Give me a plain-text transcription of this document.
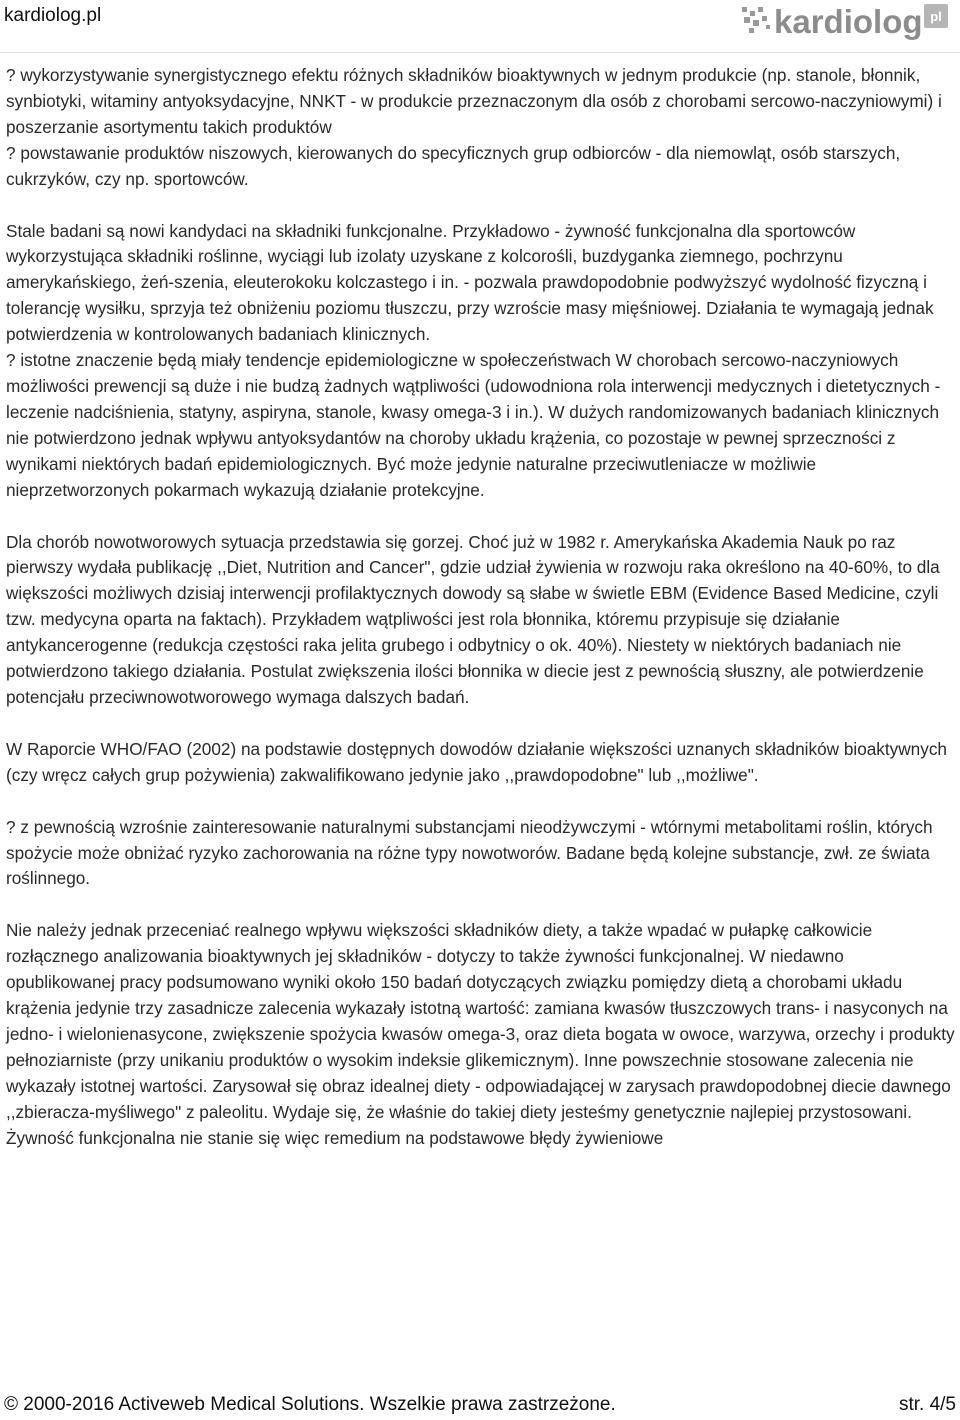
kardiolog.pl	kardiolog pl

? wykorzystywanie synergistycznego efektu różnych składników bioaktywnych w jednym produkcie (np. stanole, błonnik, synbiotyki, witaminy antyoksydacyjne, NNKT - w produkcie przeznaczonym dla osób z chorobami sercowo-naczyniowymi) i poszerzanie asortymentu takich produktów

? powstawanie produktów niszowych, kierowanych do specyficznych grup odbiorców - dla niemowląt, osób starszych, cukrzyków, czy np. sportowców.

Stale badani są nowi kandydaci na składniki funkcjonalne. Przykładowo - żywność funkcjonalna dla sportowców wykorzystująca składniki roślinne, wyciągi lub izolaty uzyskane z kolcorośli, buzdyganka ziemnego, pochrzynu amerykańskiego, żeń-szenia, eleuterokoku kolczastego i in. - pozwala prawdopodobnie podwyższyć wydolność fizyczną i tolerancję wysiłku, sprzyja też obniżeniu poziomu tłuszczu, przy wzroście masy mięśniowej. Działania te wymagają jednak potwierdzenia w kontrolowanych badaniach klinicznych.

? istotne znaczenie będą miały tendencje epidemiologiczne w społeczeństwach W chorobach sercowo-naczyniowych możliwości prewencji są duże i nie budzą żadnych wątpliwości (udowodniona rola interwencji medycznych i dietetycznych - leczenie nadciśnienia, statyny, aspiryna, stanole, kwasy omega-3 i in.). W dużych randomizowanych badaniach klinicznych nie potwierdzono jednak wpływu antyoksydantów na choroby układu krążenia, co pozostaje w pewnej sprzeczności z wynikami niektórych badań epidemiologicznych. Być może jedynie naturalne przeciwutleniacze w możliwie nieprzetworzonych pokarmach wykazują działanie protekcyjne.

Dla chorób nowotworowych sytuacja przedstawia się gorzej. Choć już w 1982 r. Amerykańska Akademia Nauk po raz pierwszy wydała publikację ,,Diet, Nutrition and Cancer", gdzie udział żywienia w rozwoju raka określono na 40-60%, to dla większości możliwych dzisiaj interwencji profilaktycznych dowody są słabe w świetle EBM (Evidence Based Medicine, czyli tzw. medycyna oparta na faktach). Przykładem wątpliwości jest rola błonnika, któremu przypisuje się działanie antykancerogenne (redukcja częstości raka jelita grubego i odbytnicy o ok. 40%). Niestety w niektórych badaniach nie potwierdzono takiego działania. Postulat zwiększenia ilości błonnika w diecie jest z pewnością słuszny, ale potwierdzenie potencjału przeciwnowotworowego wymaga dalszych badań.

W Raporcie WHO/FAO (2002) na podstawie dostępnych dowodów działanie większości uznanych składników bioaktywnych (czy wręcz całych grup pożywienia) zakwalifikowano jedynie jako ,,prawdopodobne" lub ,,możliwe".

? z pewnością wzrośnie zainteresowanie naturalnymi substancjami nieodżywczymi - wtórnymi metabolitami roślin, których spożycie może obniżać ryzyko zachorowania na różne typy nowotworów. Badane będą kolejne substancje, zwł. ze świata roślinnego.

Nie należy jednak przeceniać realnego wpływu większości składników diety, a także wpadać w pułapkę całkowicie rozłącznego analizowania bioaktywnych jej składników - dotyczy to także żywności funkcjonalnej. W niedawno opublikowanej pracy podsumowano wyniki około 150 badań dotyczących związku pomiędzy dietą a chorobami układu krążenia jedynie trzy zasadnicze zalecenia wykazały istotną wartość: zamiana kwasów tłuszczowych trans- i nasyconych na jedno- i wielonienasycone, zwiększenie spożycia kwasów omega-3, oraz dieta bogata w owoce, warzywa, orzechy i produkty pełnoziarniste (przy unikaniu produktów o wysokim indeksie glikemicznym). Inne powszechnie stosowane zalecenia nie wykazały istotnej wartości. Zarysował się obraz idealnej diety - odpowiadającej w zarysach prawdopodobnej diecie dawnego ,,zbieracza-myśliwego" z paleolitu. Wydaje się, że właśnie do takiej diety jesteśmy genetycznie najlepiej przystosowani. Żywność funkcjonalna nie stanie się więc remedium na podstawowe błędy żywieniowe

© 2000-2016 Activeweb Medical Solutions. Wszelkie prawa zastrzeżone.	str. 4/5
